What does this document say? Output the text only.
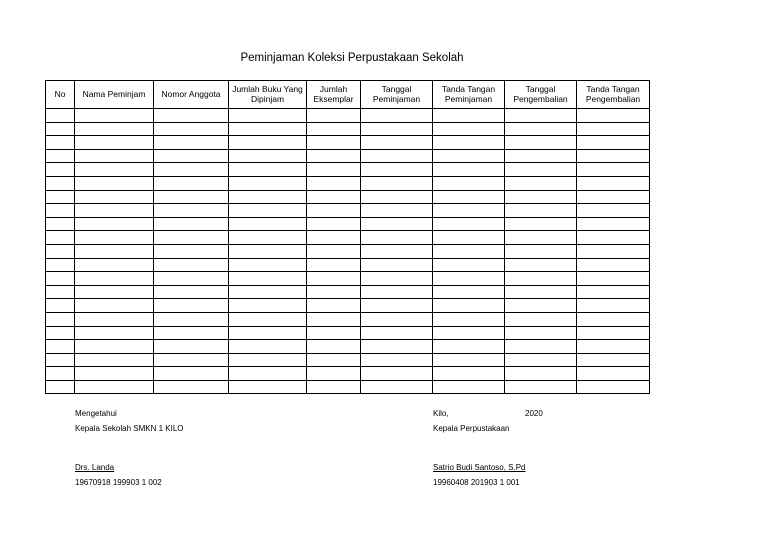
Peminjaman Koleksi Perpustakaan Sekolah
No	Nama Peminjam	Nomor Anggota	Jumlah Buku Yang Dipinjam	Jumlah Eksemplar	Tanggal Peminjaman	Tanda Tangan Peminjaman	Tanggal Pengembalian	Tanda Tangan Pengembalian

Mengetahui
Kepala Sekolah SMKN 1 KILO
Drs. Landa
19670918 199903 1 002
Kilo,	2020
Kepala Perpustakaan
Satrio Budi Santoso, S.Pd
19960408 201903 1 001
